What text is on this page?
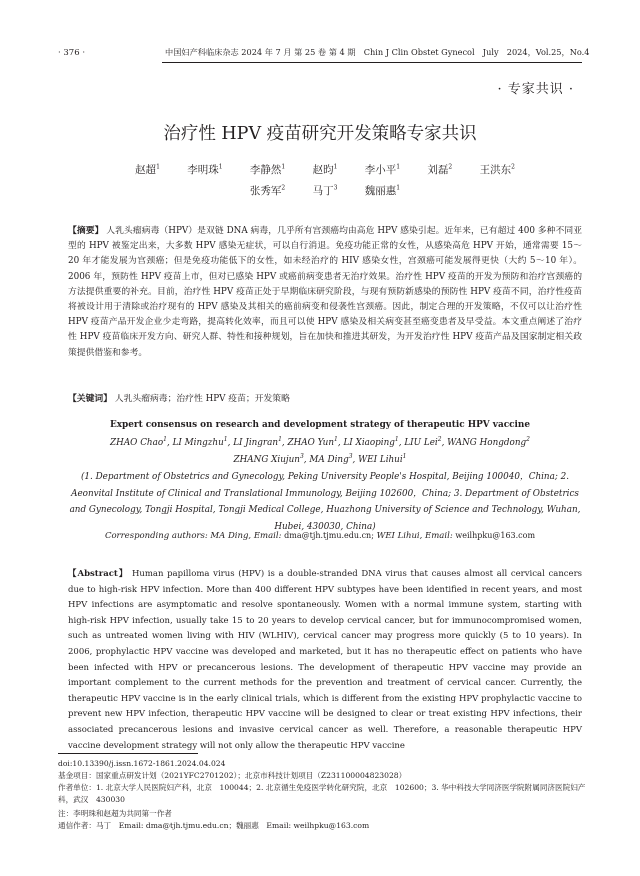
· 376 ·	中国妇产科临床杂志 2024 年 7 月 第 25 卷 第 4 期　Chin J Clin Obstet Gynecol　July　2024，Vol.25，No.4
· 专家共识 ·
治疗性 HPV 疫苗研究开发策略专家共识
赵超$^1$	李明珠$^1$	李静然$^1$	赵昀$^1$	李小平$^1$	刘磊$^2$	王洪东$^2$
张秀军$^2$	马丁$^3$	魏丽惠$^1$
【摘要】 人乳头瘤病毒（HPV）是双链 DNA 病毒，几乎所有宫颈癌均由高危 HPV 感染引起。近年来，已有超过 400 多种不同亚型的 HPV 被鉴定出来，大多数 HPV 感染无症状，可以自行消退。免疫功能正常的女性，从感染高危 HPV 开始，通常需要 15～20 年才能发展为宫颈癌；但是免疫功能低下的女性，如未经治疗的 HIV 感染女性，宫颈癌可能发展得更快（大约 5～10 年）。2006 年，预防性 HPV 疫苗上市，但对已感染 HPV 或癌前病变患者无治疗效果。治疗性 HPV 疫苗的开发为预防和治疗宫颈癌的方法提供重要的补充。目前，治疗性 HPV 疫苗正处于早期临床研究阶段，与现有预防新感染的预防性 HPV 疫苗不同，治疗性疫苗将被设计用于清除或治疗现有的 HPV 感染及其相关的癌前病变和侵袭性宫颈癌。因此，制定合理的开发策略，不仅可以让治疗性 HPV 疫苗产品开发企业少走弯路，提高转化效率，而且可以使 HPV 感染及相关病变甚至癌变患者及早受益。本文重点阐述了治疗性 HPV 疫苗临床开发方向、研究人群、特性和接种规划，旨在加快和推进其研发，为开发治疗性 HPV 疫苗产品及国家制定相关政策提供借鉴和参考。
【关键词】 人乳头瘤病毒；治疗性 HPV 疫苗；开发策略
Expert consensus on research and development strategy of therapeutic HPV vaccine
ZHAO Chao$^1$, LI Mingzhu$^1$, LI Jingran$^1$, ZHAO Yun$^1$, LI Xiaoping$^1$, LIU Lei$^2$, WANG Hongdong$^2$
ZHANG Xiujun$^3$, MA Ding$^3$, WEI Lihui$^1$
(1. Department of Obstetrics and Gynecology, Peking University People's Hospital, Beijing 100040，China; 2. Aeonvital Institute of Clinical and Translational Immunology, Beijing 102600，China; 3. Department of Obstetrics and Gynecology, Tongji Hospital, Tongji Medical College, Huazhong University of Science and Technology, Wuhan, Hubei, 430030, China)
Corresponding authors: MA Ding, Email: dma@tjh.tjmu.edu.cn; WEI Lihui, Email: weilhpku@163.com
【Abstract】 Human papilloma virus (HPV) is a double-stranded DNA virus that causes almost all cervical cancers due to high-risk HPV infection. More than 400 different HPV subtypes have been identified in recent years, and most HPV infections are asymptomatic and resolve spontaneously. Women with a normal immune system, starting with high-risk HPV infection, usually take 15 to 20 years to develop cervical cancer, but for immunocompromised women, such as untreated women living with HIV (WLHIV), cervical cancer may progress more quickly (5 to 10 years). In 2006, prophylactic HPV vaccine was developed and marketed, but it has no therapeutic effect on patients who have been infected with HPV or precancerous lesions. The development of therapeutic HPV vaccine may provide an important complement to the current methods for the prevention and treatment of cervical cancer. Currently, the therapeutic HPV vaccine is in the early clinical trials, which is different from the existing HPV prophylactic vaccine to prevent new HPV infection, therapeutic HPV vaccine will be designed to clear or treat existing HPV infections, their associated precancerous lesions and invasive cervical cancer as well. Therefore, a reasonable therapeutic HPV vaccine development strategy will not only allow the therapeutic HPV vaccine
doi:10.13390/j.issn.1672-1861.2024.04.024
基金项目：国家重点研发计划（2021YFC2701202）；北京市科技计划项目（Z231100004823028）
作者单位：1. 北京大学人民医院妇产科，北京　100044；2. 北京循生免疫医学转化研究院，北京　102600；3. 华中科技大学同济医学院附属同济医院妇产科，武汉　430030
注：李明珠和赵超为共同第一作者
通信作者：马丁　Email: dma@tjh.tjmu.edu.cn；魏丽惠　Email: weilhpku@163.com
